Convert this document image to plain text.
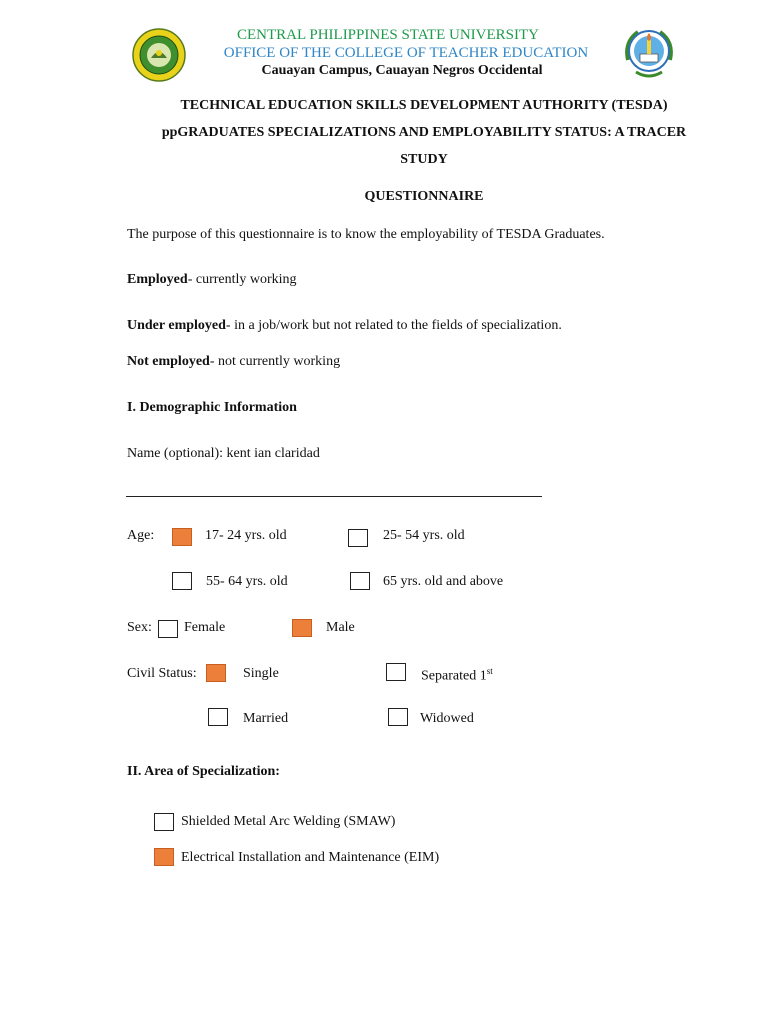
CENTRAL PHILIPPINES STATE UNIVERSITY
OFFICE OF THE COLLEGE OF TEACHER EDUCATION
Cauayan Campus, Cauayan Negros Occidental
TECHNICAL EDUCATION SKILLS DEVELOPMENT AUTHORITY (TESDA)
ppGRADUATES SPECIALIZATIONS AND EMPLOYABILITY STATUS: A TRACER
STUDY
QUESTIONNAIRE
The purpose of this questionnaire is to know the employability of TESDA Graduates.
Employed- currently working
Under employed- in a job/work but not related to the fields of specialization.
Not employed- not currently working
I. Demographic Information
Name (optional): kent ian claridad
Age:	17- 24 yrs. old	25- 54 yrs. old
55- 64 yrs. old	65 yrs. old and above
Sex: Female	Male
Civil Status:	Single	Separated 1st
Married	Widowed
II. Area of Specialization:
Shielded Metal Arc Welding (SMAW)
Electrical Installation and Maintenance (EIM)
